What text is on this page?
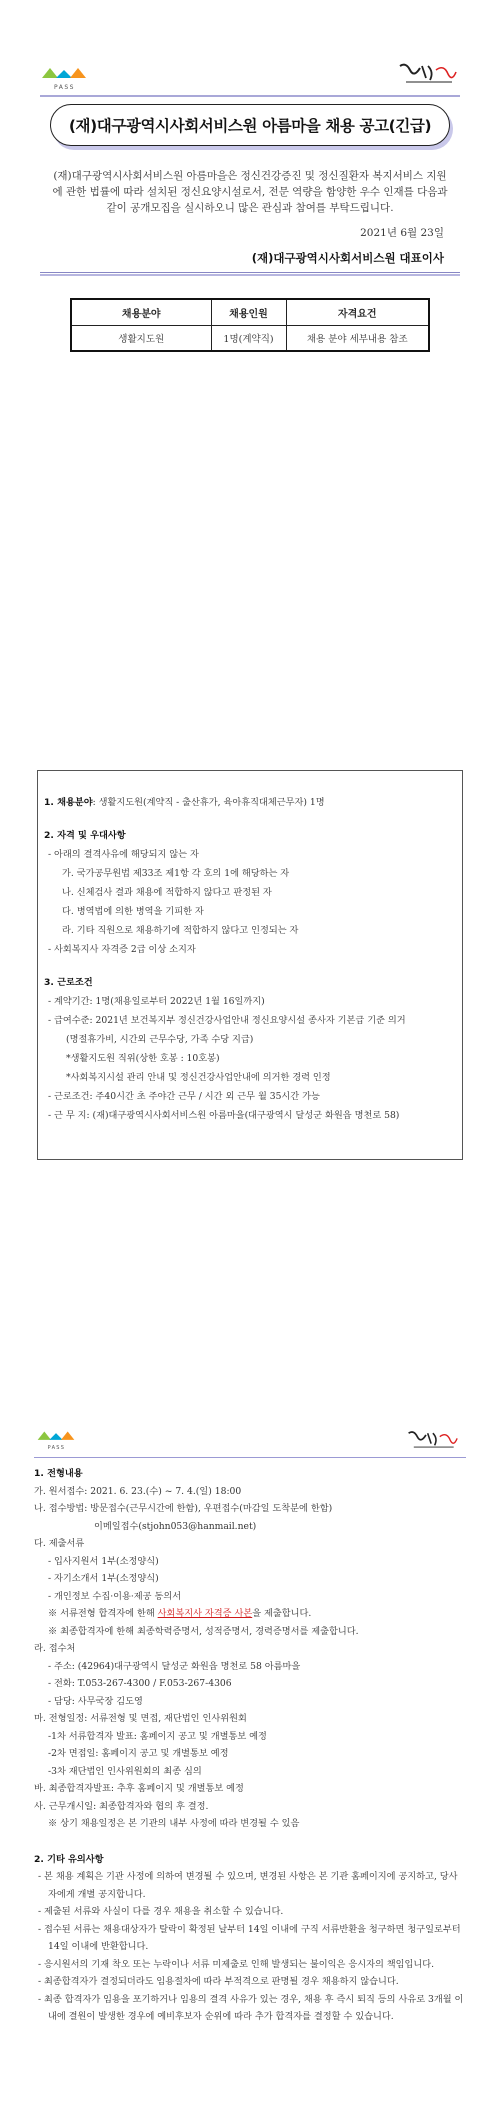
PASS
(재)대구광역시사회서비스원 아름마을 채용 공고(긴급)
(재)대구광역시사회서비스원 아름마을은 정신건강증진 및 정신질환자 복지서비스 지원에 관한 법률에 따라 설치된 정신요양시설로서, 전문 역량을 함양한 우수 인재를 다음과 같이 공개모집을 실시하오니 많은 관심과 참여를 부탁드립니다.
2021년 6월 23일
(재)대구광역시사회서비스원 대표이사
채용분야	채용인원	자격요건
생활지도원	1명(계약직)	채용 분야 세부내용 참조
1. 채용분야: 생활지도원(계약직 - 출산휴가, 육아휴직대체근무자) 1명
2. 자격 및 우대사항
- 아래의 결격사유에 해당되지 않는 자
가. 국가공무원법 제33조 제1항 각 호의 1에 해당하는 자
나. 신체검사 결과 채용에 적합하지 않다고 판정된 자
다. 병역법에 의한 병역을 기피한 자
라. 기타 직원으로 채용하기에 적합하지 않다고 인정되는 자
- 사회복지사 자격증 2급 이상 소지자
3. 근로조건
- 계약기간: 1명(채용일로부터 2022년 1월 16일까지)
- 급여수준: 2021년 보건복지부 정신건강사업안내 정신요양시설 종사자 기본급 기준 의거
(명절휴가비, 시간외 근무수당, 가족 수당 지급)
*생활지도원 직위(상한 호봉 : 10호봉)
*사회복지시설 관리 안내 및 정신건강사업안내에 의거한 경력 인정
- 근로조건: 주40시간 초 주야간 근무 / 시간 외 근무 월 35시간 가능
- 근 무 지: (재)대구광역시사회서비스원 아름마을(대구광역시 달성군 화원읍 명천로 58)
PASS
1. 전형내용
가. 원서접수: 2021. 6. 23.(수) ~ 7. 4.(일) 18:00
나. 접수방법: 방문접수(근무시간에 한함), 우편접수(마감일 도착분에 한함)
이메일접수(stjohn053@hanmail.net)
다. 제출서류
- 입사지원서 1부(소정양식)
- 자기소개서 1부(소정양식)
- 개인정보 수집·이용·제공 동의서
※ 서류전형 합격자에 한해 사회복지사 자격증 사본을 제출합니다.
※ 최종합격자에 한해 최종학력증명서, 성적증명서, 경력증명서를 제출합니다.
라. 접수처
- 주소: (42964)대구광역시 달성군 화원읍 명천로 58 아름마을
- 전화: T.053-267-4300 / F.053-267-4306
- 담당: 사무국장 김도영
마. 전형일정: 서류전형 및 면접, 재단법인 인사위원회
-1차 서류합격자 발표: 홈페이지 공고 및 개별통보 예정
-2차 면접일: 홈페이지 공고 및 개별통보 예정
-3차 재단법인 인사위원회의 최종 심의
바. 최종합격자발표: 추후 홈페이지 및 개별통보 예정
사. 근무개시일: 최종합격자와 협의 후 결정.
※ 상기 채용일정은 본 기관의 내부 사정에 따라 변경될 수 있음
2. 기타 유의사항
- 본 채용 계획은 기관 사정에 의하여 변경될 수 있으며, 변경된 사항은 본 기관 홈페이지에 공지하고, 당사자에게 개별 공지합니다.
- 제출된 서류와 사실이 다를 경우 채용을 취소할 수 있습니다.
- 접수된 서류는 채용대상자가 탈락이 확정된 날부터 14일 이내에 구직 서류반환을 청구하면 청구일로부터 14일 이내에 반환합니다.
- 응시원서의 기재 착오 또는 누락이나 서류 미제출로 인해 발생되는 불이익은 응시자의 책임입니다.
- 최종합격자가 결정되더라도 임용절차에 따라 부적격으로 판명될 경우 채용하지 않습니다.
- 최종 합격자가 임용을 포기하거나 임용의 결격 사유가 있는 경우, 채용 후 즉시 퇴직 등의 사유로 3개월 이내에 결원이 발생한 경우에 예비후보자 순위에 따라 추가 합격자를 결정할 수 있습니다.
